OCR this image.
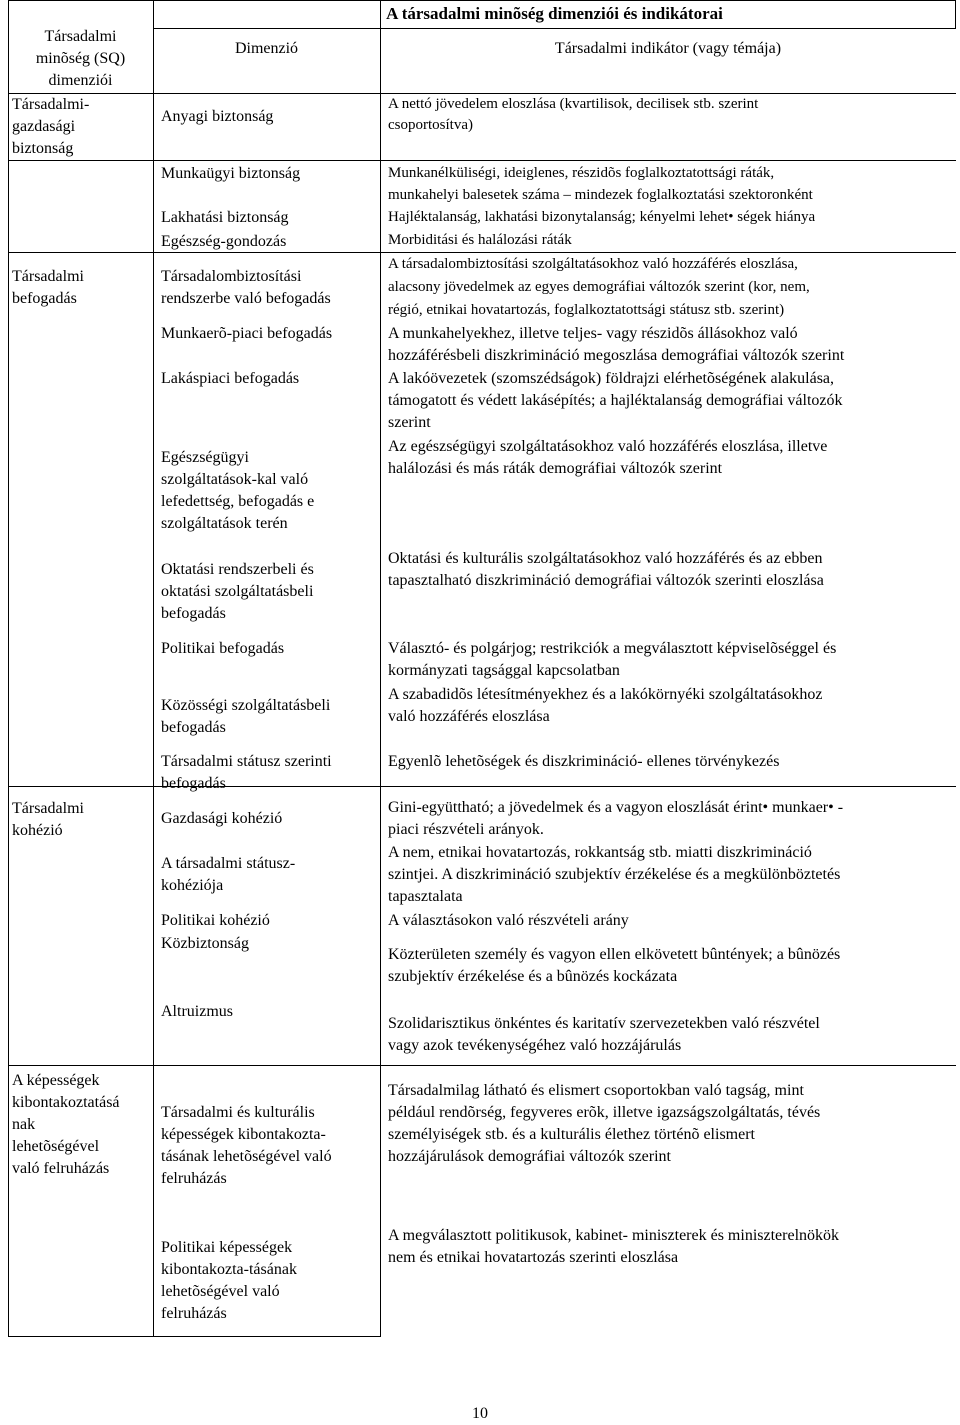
A társadalmi minõség dimenziói és indikátorai
Társadalmi
minõség (SQ)
dimenziói
Dimenzió	Társadalmi indikátor (vagy témája)
Társadalmi-
gazdasági
biztonság
Társadalmi
befogadás
Társadalmi
kohézió
A képességek
kibontakoztatásá
nak
lehetõségével
való felruházás
Anyagi biztonság
Munkaügyi biztonság
Lakhatási biztonság
Egészség-gondozás
Társadalombiztosítási
rendszerbe való befogadás
Munkaerõ-piaci befogadás
Lakáspiaci befogadás
Egészségügyi
szolgáltatások-kal való
lefedettség, befogadás e
szolgáltatások terén
Oktatási rendszerbeli és
oktatási szolgáltatásbeli
befogadás
Politikai befogadás
Közösségi szolgáltatásbeli
befogadás
Társadalmi státusz szerinti
befogadás
Gazdasági kohézió
A társadalmi státusz-
kohéziója
Politikai kohézió
Közbiztonság
Altruizmus
Társadalmi és kulturális
képességek kibontakozta-
tásának lehetõségével való
felruházás
Politikai képességek
kibontakozta-tásának
lehetõségével való
felruházás
A nettó jövedelem eloszlása (kvartilisok, decilisek stb. szerint
csoportosítva)
Munkanélküliségi, ideiglenes, részidõs foglalkoztatottsági ráták,
munkahelyi balesetek száma – mindezek foglalkoztatási szektoronként
Hajléktalanság, lakhatási bizonytalanság; kényelmi lehet• ségek hiánya
Morbiditási és halálozási ráták
A társadalombiztosítási szolgáltatásokhoz való hozzáférés eloszlása,
alacsony jövedelmek az egyes demográfiai változók szerint (kor, nem,
régió, etnikai hovatartozás, foglalkoztatottsági státusz stb. szerint)
A munkahelyekhez, illetve teljes- vagy részidõs állásokhoz való
hozzáférésbeli diszkrimináció megoszlása demográfiai változók szerint
A lakóövezetek (szomszédságok) földrajzi elérhetõségének alakulása,
támogatott és védett lakásépítés; a hajléktalanság demográfiai változók
szerint
Az egészségügyi szolgáltatásokhoz való hozzáférés eloszlása, illetve
halálozási és más ráták demográfiai változók szerint
Oktatási és kulturális szolgáltatásokhoz való hozzáférés és az ebben
tapasztalható diszkrimináció demográfiai változók szerinti eloszlása
Választó- és polgárjog; restrikciók a megválasztott képviselõséggel és
kormányzati tagsággal kapcsolatban
A szabadidõs létesítményekhez és a lakókörnyéki szolgáltatásokhoz
való hozzáférés eloszlása
Egyenlõ lehetõségek és diszkrimináció- ellenes törvénykezés
Gini-együttható; a jövedelmek és a vagyon eloszlását érint• munkaer• -
piaci részvételi arányok.
A nem, etnikai hovatartozás, rokkantság stb. miatti diszkrimináció
szintjei. A diszkrimináció szubjektív érzékelése és a megkülönböztetés
tapasztalata
A választásokon való részvételi arány
Közterületen személy és vagyon ellen elkövetett bûntények; a bûnözés
szubjektív érzékelése és a bûnözés kockázata
Szolidarisztikus önkéntes és karitatív szervezetekben való részvétel
vagy azok tevékenységéhez való hozzájárulás
Társadalmilag látható és elismert csoportokban való tagság, mint
például rendõrség, fegyveres erõk, illetve igazságszolgáltatás, tévés
személyiségek stb. és a kulturális élethez történõ elismert
hozzájárulások demográfiai változók szerint
A megválasztott politikusok, kabinet- miniszterek és miniszterelnökök
nem és etnikai hovatartozás szerinti eloszlása
10
